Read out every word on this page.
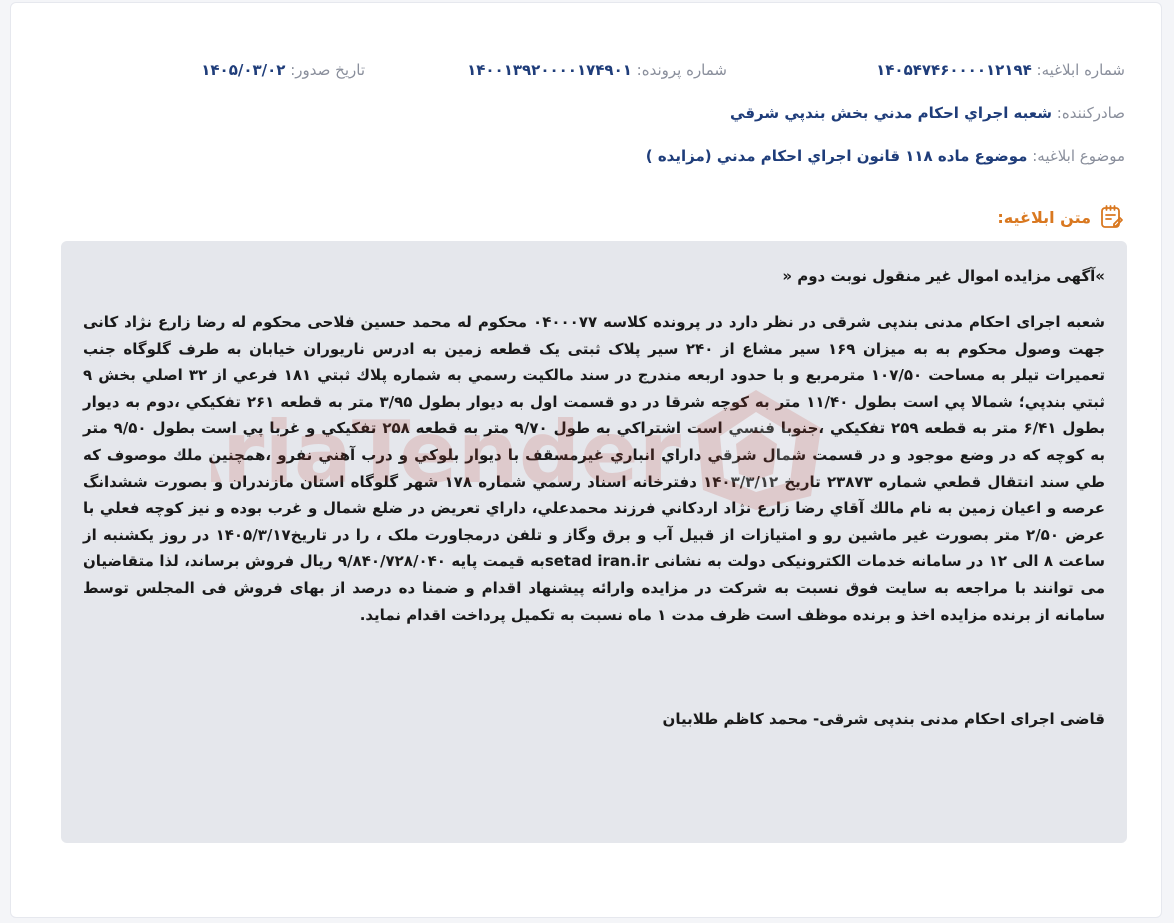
شماره ابلاغيه: ۱۴۰۵۴۷۴۶۰۰۰۰۱۲۱۹۴
شماره پرونده: ۱۴۰۰۱۳۹۲۰۰۰۰۱۷۴۹۰۱
تاريخ صدور: ۱۴۰۵/۰۳/۰۲
صادرکننده: شعبه اجراي احکام مدني بخش بندپي شرقي
موضوع ابلاغيه: موضوع ماده ۱۱۸ قانون اجراي احکام مدني (مزايده )
متن ابلاغيه:

»آگهی مزایده اموال غیر منقول نوبت دوم «

شعبه اجرای احکام مدنی بندپی شرقی در نظر دارد در پرونده کلاسه ۰۴۰۰۰۷۷ محکوم له محمد حسین فلاحی محکوم له رضا زارع نژاد کانی جهت وصول محکوم به به میزان ۱۶۹ سیر مشاع از ۲۴۰ سیر پلاک ثبتی یک قطعه زمین به ادرس ناریوران خیابان به طرف گلوگاه جنب تعمیرات تیلر به مساحت ۱۰۷/۵۰ مترمربع و با حدود اربعه مندرج در سند مالکيت رسمي به شماره پلاك ثبتي ۱۸۱ فرعي از ۳۲ اصلي بخش ۹ ثبتي بندپي؛ شمالا پي است بطول ۱۱/۴۰ متر به کوچه شرقا در دو قسمت اول به ديوار بطول ۳/۹۵ متر به قطعه ۲۶۱ تفکيکي ،دوم به ديوار بطول ۶/۴۱ متر به قطعه ۲۵۹ تفکيکي ،جنوبا فنسي است اشتراکي به طول ۹/۷۰ متر به قطعه ۲۵۸ تفکيکي و غربا پي است بطول ۹/۵۰ متر به کوچه که در وضع موجود و در قسمت شمال شرقي داراي انباري غيرمسقف با ديوار بلوکي و درب آهني نفرو ،همچنين ملك موصوف که طي سند انتقال قطعي شماره ۲۳۸۷۳ تاريخ ۱۴۰۳/۳/۱۲ دفترخانه اسناد رسمي شماره ۱۷۸ شهر گلوگاه استان مازندران و بصورت ششدانگ عرصه و اعيان زمين به نام مالك آقاي رضا زارع نژاد اردکاني فرزند محمدعلي، داراي تعريض در ضلع شمال و غرب بوده و نيز کوچه فعلي با عرض ۲/۵۰ متر بصورت غير ماشين رو و امتيازات از قبيل آب و برق وگاز و تلفن درمجاورت ملک ، را در تاریخ۱۴۰۵/۳/۱۷ در روز یکشنبه از ساعت ۸ الی ۱۲ در سامانه خدمات الکترونیکی دولت به نشانی setad iran.irبه قیمت پایه ۹/۸۴۰/۷۲۸/۰۴۰ ریال فروش برساند، لذا متقاضیان می توانند با مراجعه به سایت فوق نسبت به شرکت در مزایده وارائه پیشنهاد اقدام و ضمنا ده درصد از بهای فروش فی المجلس توسط سامانه از برنده مزایده اخذ و برنده موظف است ظرف مدت ۱ ماه نسبت به تکمیل پرداخت اقدام نماید.

قاضی اجرای احکام مدنی بندپی شرقی- محمد کاظم طلابیان
